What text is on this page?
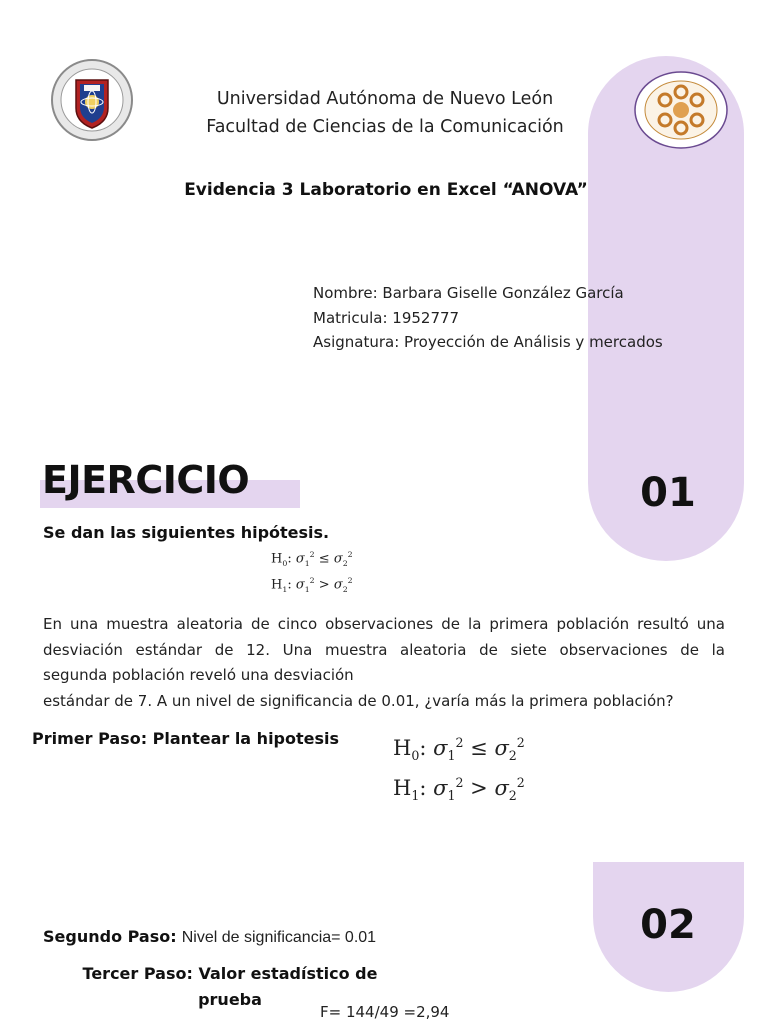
Universidad Autónoma de Nuevo León
Facultad de Ciencias de la Comunicación
Evidencia 3 Laboratorio en Excel “ANOVA”
Nombre: Barbara Giselle González García
Matricula: 1952777
Asignatura: Proyección de Análisis y mercados
EJERCICIO	01
Se dan las siguientes hipótesis.
$H_0$: $\sigma_1^2 \le \sigma_2^2$
$H_1$: $\sigma_1^2 > \sigma_2^2$

En una muestra aleatoria de cinco observaciones de la primera población resultó una

desviación estándar de 12. Una muestra aleatoria de siete observaciones de la

segunda población reveló una desviación

estándar de 7. A un nivel de significancia de 0.01, ¿varía más la primera población?

Primer Paso: Plantear la hipotesis	$H_0$: $\sigma_1^2 \le \sigma_2^2$
$H_1$: $\sigma_1^2 > \sigma_2^2$
02
Segundo Paso: Nivel de significancia= 0.01
Tercer Paso: Valor estadístico de
prueba
F= 144/49 =2,94
